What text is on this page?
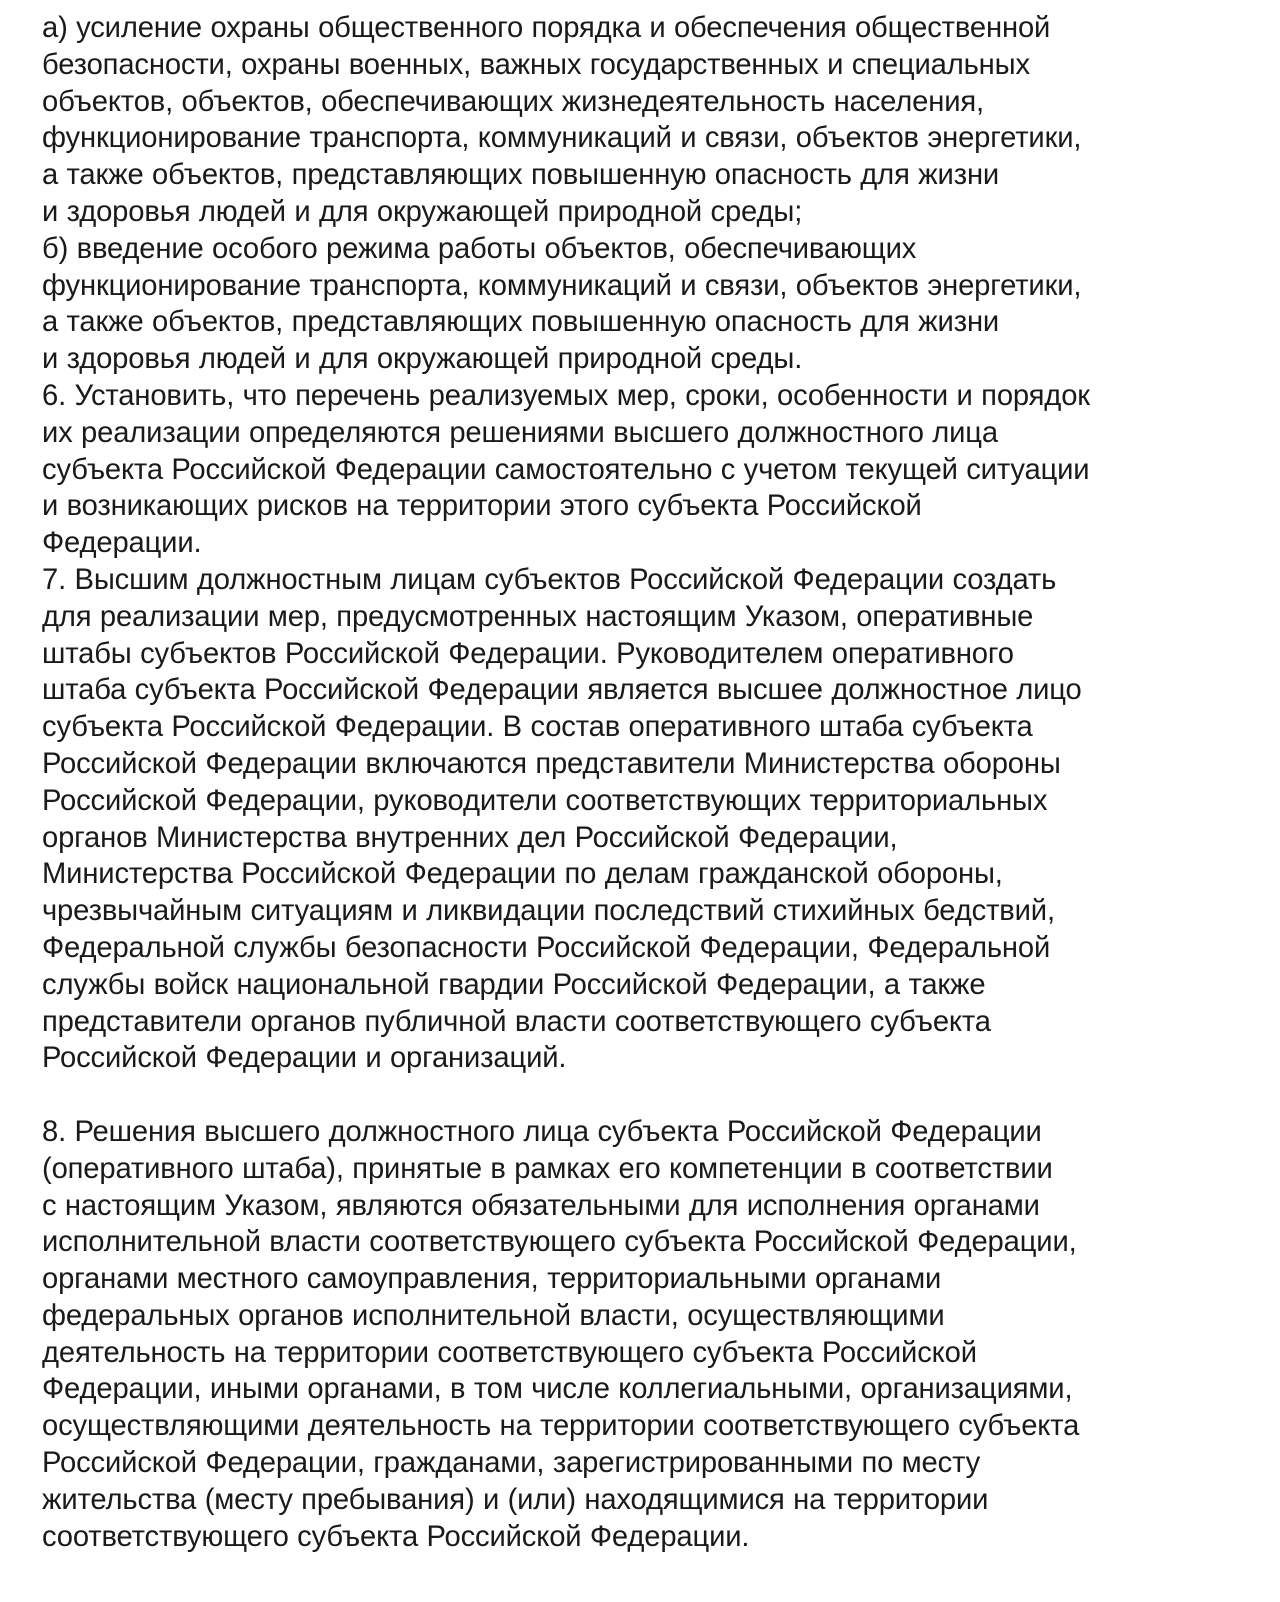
а) усиление охраны общественного порядка и обеспечения общественной
безопасности, охраны военных, важных государственных и специальных
объектов, объектов, обеспечивающих жизнедеятельность населения,
функционирование транспорта, коммуникаций и связи, объектов энергетики,
а также объектов, представляющих повышенную опасность для жизни
и здоровья людей и для окружающей природной среды;
б) введение особого режима работы объектов, обеспечивающих
функционирование транспорта, коммуникаций и связи, объектов энергетики,
а также объектов, представляющих повышенную опасность для жизни
и здоровья людей и для окружающей природной среды.
6. Установить, что перечень реализуемых мер, сроки, особенности и порядок
их реализации определяются решениями высшего должностного лица
субъекта Российской Федерации самостоятельно с учетом текущей ситуации
и возникающих рисков на территории этого субъекта Российской
Федерации.
7. Высшим должностным лицам субъектов Российской Федерации создать
для реализации мер, предусмотренных настоящим Указом, оперативные
штабы субъектов Российской Федерации. Руководителем оперативного
штаба субъекта Российской Федерации является высшее должностное лицо
субъекта Российской Федерации. В состав оперативного штаба субъекта
Российской Федерации включаются представители Министерства обороны
Российской Федерации, руководители соответствующих территориальных
органов Министерства внутренних дел Российской Федерации,
Министерства Российской Федерации по делам гражданской обороны,
чрезвычайным ситуациям и ликвидации последствий стихийных бедствий,
Федеральной службы безопасности Российской Федерации, Федеральной
службы войск национальной гвардии Российской Федерации, а также
представители органов публичной власти соответствующего субъекта
Российской Федерации и организаций.
8. Решения высшего должностного лица субъекта Российской Федерации
(оперативного штаба), принятые в рамках его компетенции в соответствии
с настоящим Указом, являются обязательными для исполнения органами
исполнительной власти соответствующего субъекта Российской Федерации,
органами местного самоуправления, территориальными органами
федеральных органов исполнительной власти, осуществляющими
деятельность на территории соответствующего субъекта Российской
Федерации, иными органами, в том числе коллегиальными, организациями,
осуществляющими деятельность на территории соответствующего субъекта
Российской Федерации, гражданами, зарегистрированными по месту
жительства (месту пребывания) и (или) находящимися на территории
соответствующего субъекта Российской Федерации.
